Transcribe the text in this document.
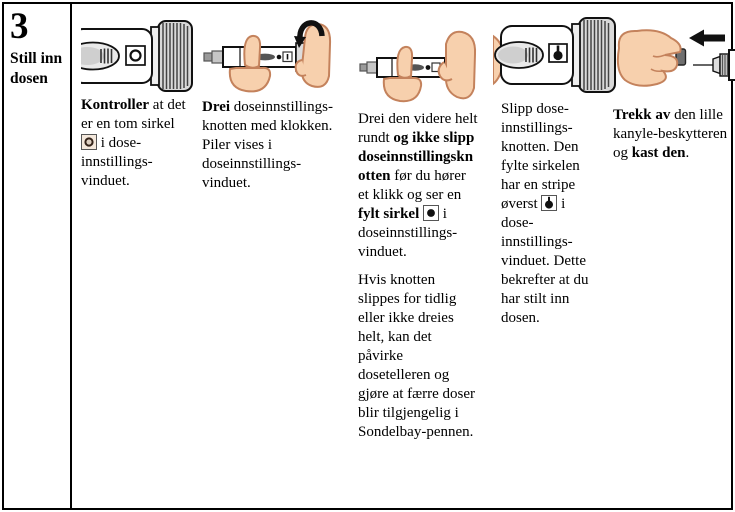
3
Still inn dosen

Kontroller at det er en tom sirkel  i dose-innstillings-vinduet.

Drei doseinnstillings-knotten med klokken. Piler vises i doseinnstillings-vinduet.

Drei den videre helt rundt og ikke slipp doseinnstillingsknotten før du hører et klikk og ser en fylt sirkel  i doseinnstillings-vinduet.

Hvis knotten slippes for tidlig eller ikke dreies helt, kan det påvirke dosetelleren og gjøre at færre doser blir tilgjengelig i Sondelbay-pennen.

Slipp dose-innstillings-knotten. Den fylte sirkelen har en stripe øverst  i dose-innstillings-vinduet. Dette bekrefter at du har stilt inn dosen.

Trekk av den lille kanyle-beskytteren og kast den.
